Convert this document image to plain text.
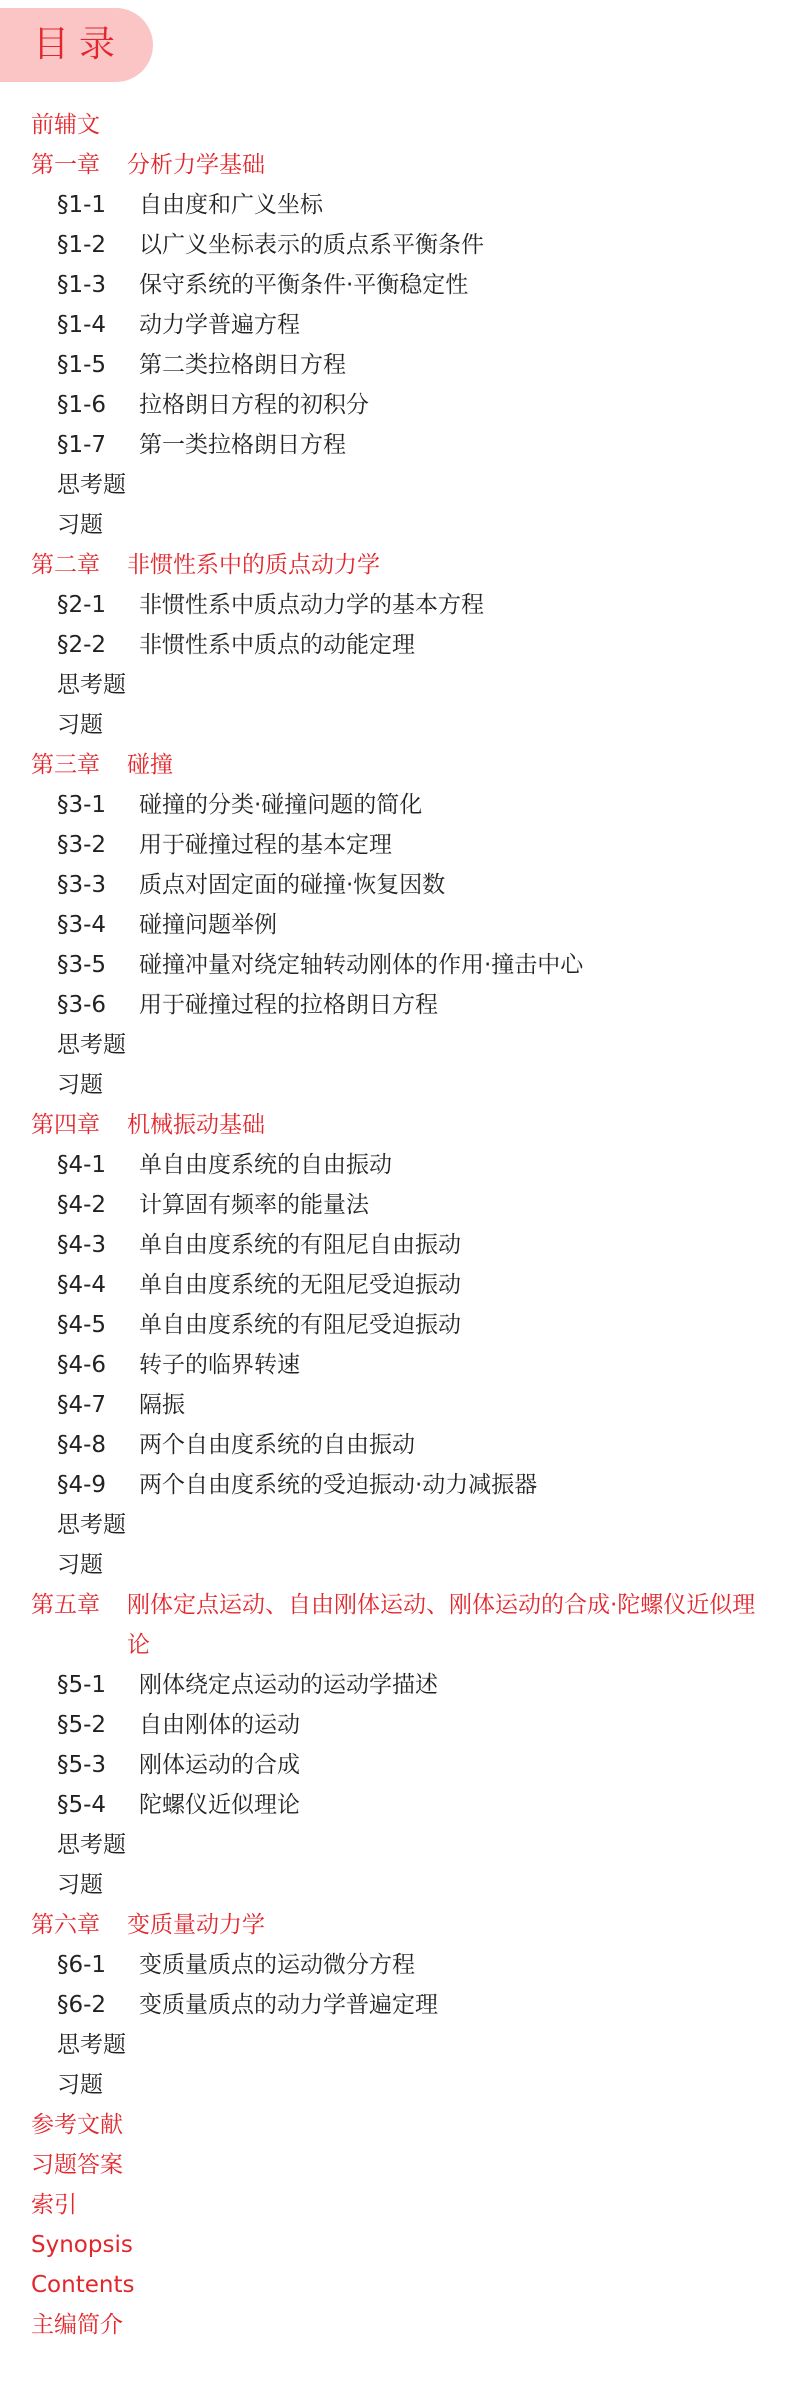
目录
前辅文
第一章	分析力学基础
§1-1	自由度和广义坐标
§1-2	以广义坐标表示的质点系平衡条件
§1-3	保守系统的平衡条件·平衡稳定性
§1-4	动力学普遍方程
§1-5	第二类拉格朗日方程
§1-6	拉格朗日方程的初积分
§1-7	第一类拉格朗日方程
思考题
习题
第二章	非惯性系中的质点动力学
§2-1	非惯性系中质点动力学的基本方程
§2-2	非惯性系中质点的动能定理
思考题
习题
第三章	碰撞
§3-1	碰撞的分类·碰撞问题的简化
§3-2	用于碰撞过程的基本定理
§3-3	质点对固定面的碰撞·恢复因数
§3-4	碰撞问题举例
§3-5	碰撞冲量对绕定轴转动刚体的作用·撞击中心
§3-6	用于碰撞过程的拉格朗日方程
思考题
习题
第四章	机械振动基础
§4-1	单自由度系统的自由振动
§4-2	计算固有频率的能量法
§4-3	单自由度系统的有阻尼自由振动
§4-4	单自由度系统的无阻尼受迫振动
§4-5	单自由度系统的有阻尼受迫振动
§4-6	转子的临界转速
§4-7	隔振
§4-8	两个自由度系统的自由振动
§4-9	两个自由度系统的受迫振动·动力减振器
思考题
习题
第五章	刚体定点运动、自由刚体运动、刚体运动的合成·陀螺仪近似理论
§5-1	刚体绕定点运动的运动学描述
§5-2	自由刚体的运动
§5-3	刚体运动的合成
§5-4	陀螺仪近似理论
思考题
习题
第六章	变质量动力学
§6-1	变质量质点的运动微分方程
§6-2	变质量质点的动力学普遍定理
思考题
习题
参考文献
习题答案
索引
Synopsis
Contents
主编简介
